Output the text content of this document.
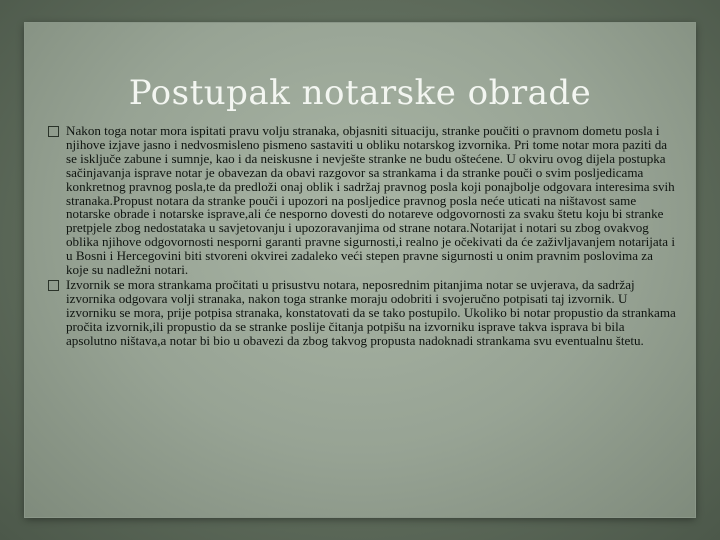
Postupak notarske obrade
Nakon toga notar mora ispitati pravu volju stranaka, objasniti situaciju, stranke poučiti o pravnom dometu posla i njihove izjave jasno i nedvosmisleno pismeno sastaviti u obliku notarskog izvornika. Pri tome notar mora paziti da se isključe zabune i sumnje, kao i da neiskusne i nevješte stranke ne budu oštećene. U okviru ovog dijela postupka sačinjavanja isprave notar je obavezan da obavi razgovor sa strankama i da stranke pouči o svim posljedicama konkretnog pravnog posla,te da predloži onaj oblik i sadržaj pravnog posla koji ponajbolje odgovara interesima svih stranaka.Propust notara da stranke pouči i upozori na posljedice pravnog posla neće uticati na ništavost same notarske obrade i notarske isprave,ali će nesporno dovesti do notareve odgovornosti za svaku štetu koju bi stranke pretpjele zbog nedostataka u savjetovanju i upozoravanjima od strane notara.Notarijat i notari su zbog ovakvog oblika njihove odgovornosti nesporni garanti pravne sigurnosti,i realno je očekivati da će zaživljavanjem notarijata i u Bosni i Hercegovini biti stvoreni okvirei zadaleko veći stepen pravne sigurnosti u onim pravnim poslovima za koje su nadležni notari.
Izvornik se mora strankama pročitati u prisustvu notara, neposrednim pitanjima notar se uvjerava, da sadržaj izvornika odgovara volji stranaka, nakon toga stranke moraju odobriti i svojeručno potpisati taj izvornik. U izvorniku se mora, prije potpisa stranaka, konstatovati da se tako postupilo. Ukoliko bi notar propustio da strankama pročita izvornik,ili propustio da se stranke poslije čitanja potpišu na izvorniku isprave takva isprava bi bila apsolutno ništava,a notar bi bio u obavezi da zbog takvog propusta nadoknadi strankama svu eventualnu štetu.
